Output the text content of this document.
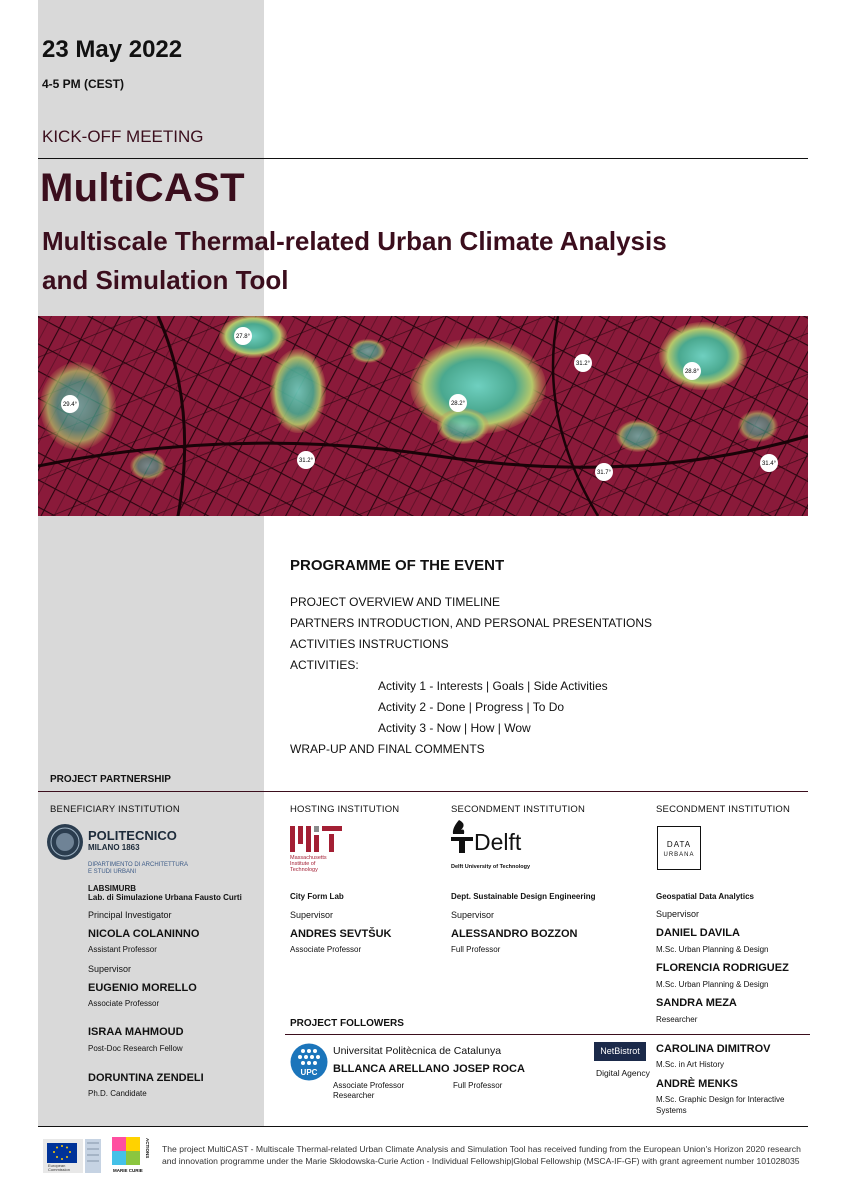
23 May 2022
4-5 PM (CEST)
KICK-OFF MEETING
MultiCAST
Multiscale Thermal-related Urban Climate Analysis
and Simulation Tool
27.8°
29.4°
31.2°
28.2°
31.2°
31.7°
28.8°
31.4°
PROGRAMME OF THE EVENT
PROJECT OVERVIEW AND TIMELINE
PARTNERS INTRODUCTION, AND PERSONAL PRESENTATIONS
ACTIVITIES INSTRUCTIONS
ACTIVITIES:
Activity 1 - Interests | Goals | Side Activities
Activity 2 - Done | Progress | To Do
Activity 3 - Now | How | Wow
WRAP-UP AND FINAL COMMENTS
PROJECT PARTNERSHIP
BENEFICIARY INSTITUTION
POLITECNICO
MILANO 1863
DIPARTIMENTO DI ARCHITETTURA
E STUDI URBANI
LABSIMURB
Lab. di Simulazione Urbana Fausto Curti
Principal Investigator
NICOLA COLANINNO
Assistant Professor
Supervisor
EUGENIO MORELLO
Associate Professor
ISRAA MAHMOUD
Post-Doc Research Fellow
DORUNTINA ZENDELI
Ph.D. Candidate
HOSTING INSTITUTION
Massachusetts
Institute of
Technology
City Form Lab
Supervisor
ANDRES SEVTŠUK
Associate Professor
SECONDMENT INSTITUTION
Delft
Delft University of Technology
Dept. Sustainable Design Engineering
Supervisor
ALESSANDRO BOZZON
Full Professor
SECONDMENT INSTITUTION
DATA
URBANA
Geospatial Data Analytics
Supervisor
DANIEL DAVILA
M.Sc. Urban Planning & Design
FLORENCIA RODRIGUEZ
M.Sc. Urban Planning & Design
SANDRA MEZA
Researcher
PROJECT FOLLOWERS
UPC
Universitat Politècnica de Catalunya
BLLANCA ARELLANO
Associate Professor
Researcher
JOSEP ROCA
Full Professor
NetBistrot
Digital Agency
CAROLINA DIMITROV
M.Sc. in Art History
ANDRÈ MENKS
M.Sc. Graphic Design for Interactive
Systems
European
Commission	MARIE CURIE
ACTIONS The project MultiCAST - Multiscale Thermal-related Urban Climate Analysis and Simulation Tool has received funding from the European Union's Horizon 2020 research and innovation programme under the Marie Skłodowska-Curie Action - Individual Fellowship|Global Fellowship (MSCA-IF-GF) with grant agreement number 101028035
